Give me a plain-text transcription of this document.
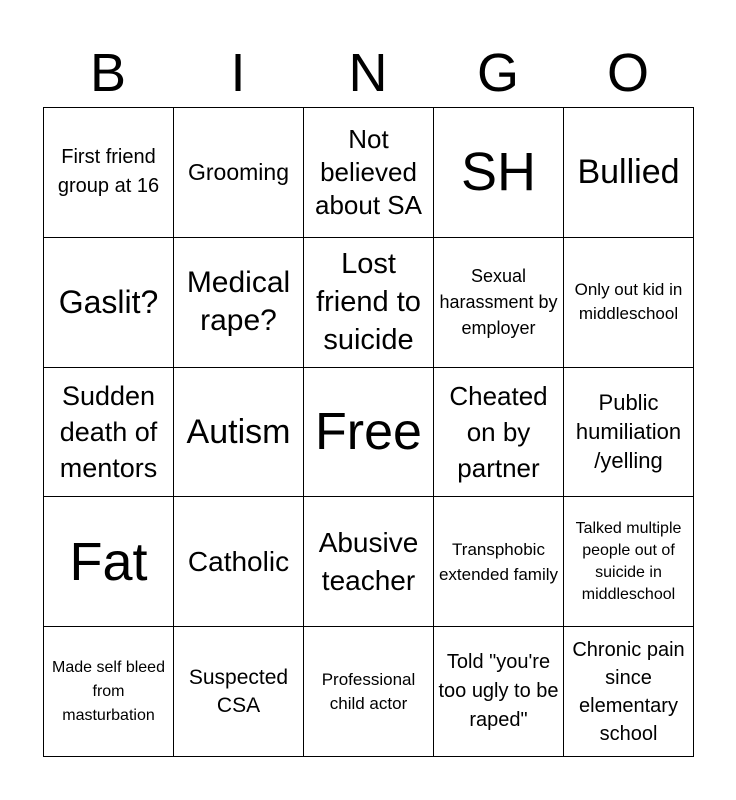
B	I	N	G	O
First friend group at 16	Grooming	Not believed about SA	SH	Bullied

Gaslit?	Medical rape?	Lost friend to suicide	Sexual harassment by employer	Only out kid in middleschool

Sudden death of mentors	Autism	Free	Cheated on by partner	Public humiliation /yelling

Fat	Catholic	Abusive teacher	Transphobic extended family	Talked multiple people out of suicide in middleschool

Made self bleed from masturbation	Suspected CSA	Professional child actor	Told "you're too ugly to be raped"	Chronic pain since elementary school
